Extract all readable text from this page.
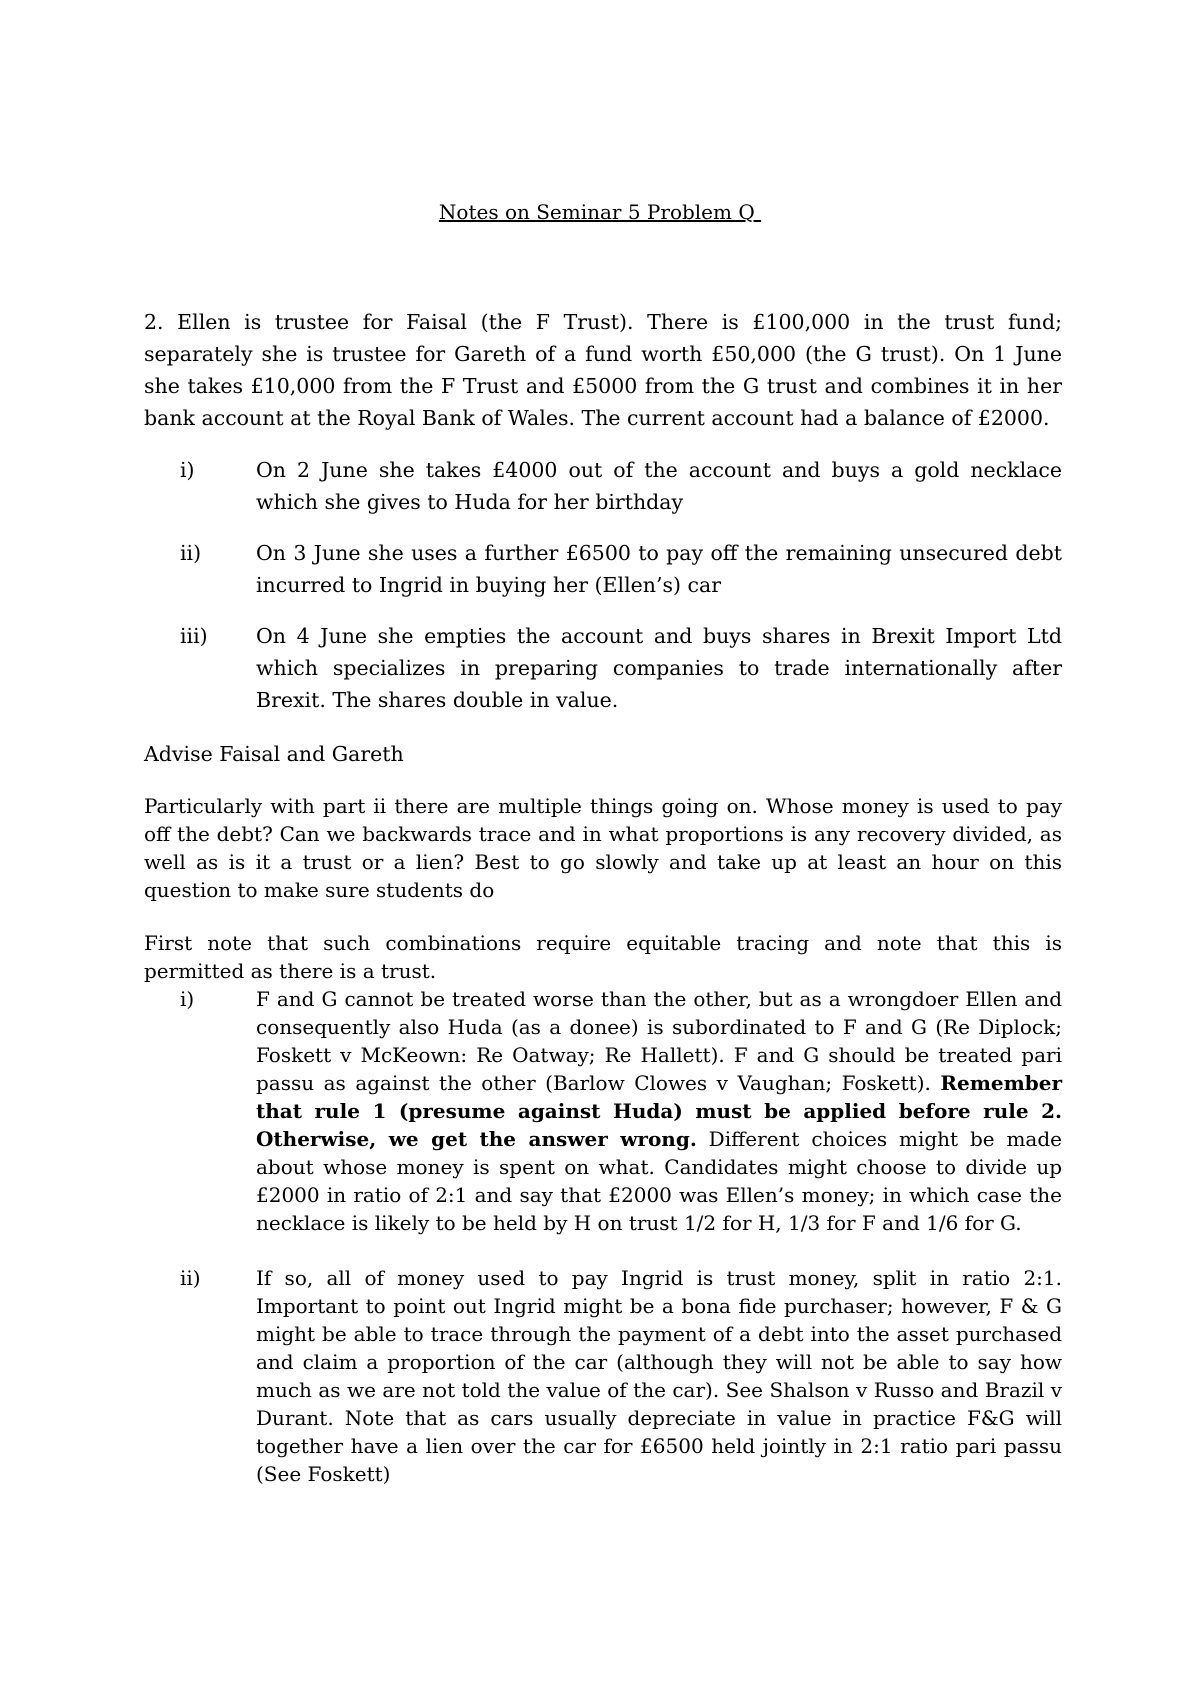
Notes on Seminar 5 Problem Q
2. Ellen is trustee for Faisal (the F Trust). There is £100,000 in the trust fund; separately she is trustee for Gareth of a fund worth £50,000 (the G trust). On 1 June she takes £10,000 from the F Trust and £5000 from the G trust and combines it in her bank account at the Royal Bank of Wales. The current account had a balance of £2000.
i)	On 2 June she takes £4000 out of the account and buys a gold necklace which she gives to Huda for her birthday
ii)	On 3 June she uses a further £6500 to pay off the remaining unsecured debt incurred to Ingrid in buying her (Ellen’s) car
iii)	On 4 June she empties the account and buys shares in Brexit Import Ltd which specializes in preparing companies to trade internationally after Brexit. The shares double in value.
Advise Faisal and Gareth
Particularly with part ii there are multiple things going on. Whose money is used to pay off the debt? Can we backwards trace and in what proportions is any recovery divided, as well as is it a trust or a lien? Best to go slowly and take up at least an hour on this question to make sure students do
First note that such combinations require equitable tracing and note that this is permitted as there is a trust.
i)	F and G cannot be treated worse than the other, but as a wrongdoer Ellen and consequently also Huda (as a donee) is subordinated to F and G (Re Diplock; Foskett v McKeown: Re Oatway; Re Hallett). F and G should be treated pari passu as against the other (Barlow Clowes v Vaughan; Foskett). Remember that rule 1 (presume against Huda) must be applied before rule 2. Otherwise, we get the answer wrong. Different choices might be made about whose money is spent on what. Candidates might choose to divide up £2000 in ratio of 2:1 and say that £2000 was Ellen’s money; in which case the necklace is likely to be held by H on trust 1/2 for H, 1/3 for F and 1/6 for G.
ii)	If so, all of money used to pay Ingrid is trust money, split in ratio 2:1. Important to point out Ingrid might be a bona fide purchaser; however, F & G might be able to trace through the payment of a debt into the asset purchased and claim a proportion of the car (although they will not be able to say how much as we are not told the value of the car). See Shalson v Russo and Brazil v Durant. Note that as cars usually depreciate in value in practice F&G will together have a lien over the car for £6500 held jointly in 2:1 ratio pari passu (See Foskett)
